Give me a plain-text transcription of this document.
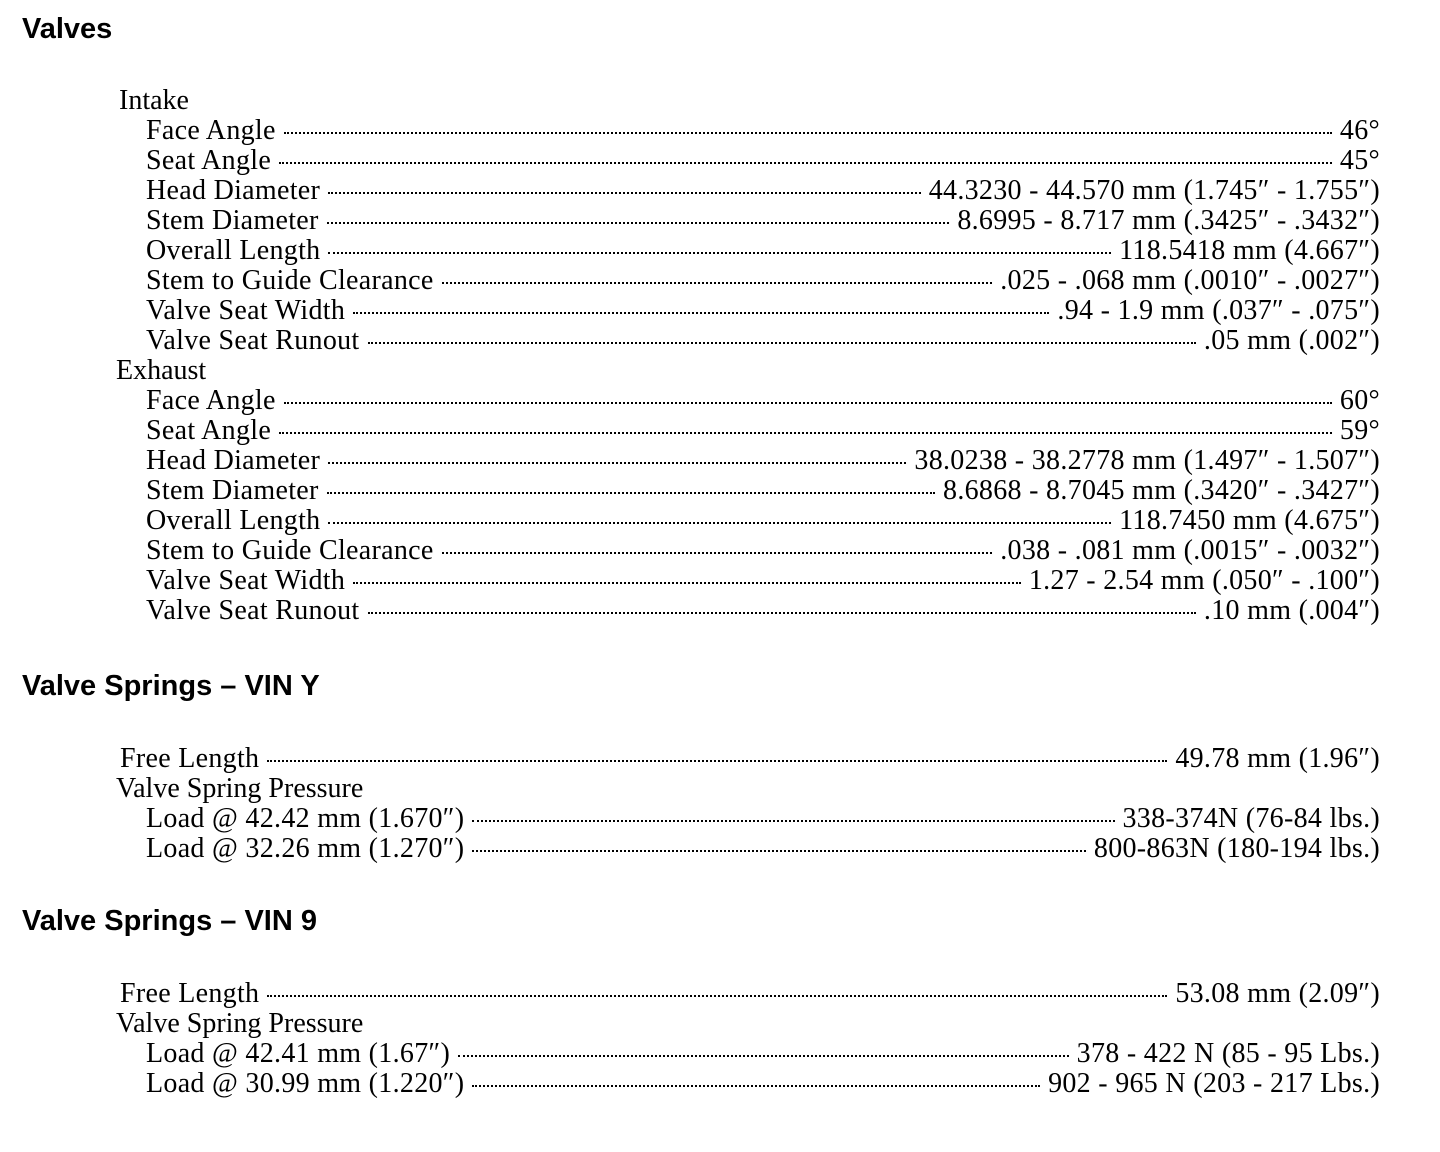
Valves
Intake
Face Angle	46°
Seat Angle	45°
Head Diameter	44.3230 - 44.570 mm (1.745″ - 1.755″)
Stem Diameter	8.6995 - 8.717 mm (.3425″ - .3432″)
Overall Length	118.5418 mm (4.667″)
Stem to Guide Clearance	.025 - .068 mm (.0010″ - .0027″)
Valve Seat Width	.94 - 1.9 mm (.037″ - .075″)
Valve Seat Runout	.05 mm (.002″)
Exhaust
Face Angle	60°
Seat Angle	59°
Head Diameter	38.0238 - 38.2778 mm (1.497″ - 1.507″)
Stem Diameter	8.6868 - 8.7045 mm (.3420″ - .3427″)
Overall Length	118.7450 mm (4.675″)
Stem to Guide Clearance	.038 - .081 mm (.0015″ - .0032″)
Valve Seat Width	1.27 - 2.54 mm (.050″ - .100″)
Valve Seat Runout	.10 mm (.004″)
Valve Springs – VIN Y
Free Length	49.78 mm (1.96″)
Valve Spring Pressure
Load @ 42.42 mm (1.670″)	338-374N (76-84 lbs.)
Load @ 32.26 mm (1.270″)	800-863N (180-194 lbs.)
Valve Springs – VIN 9
Free Length	53.08 mm (2.09″)
Valve Spring Pressure
Load @ 42.41 mm (1.67″)	378 - 422 N (85 - 95 Lbs.)
Load @ 30.99 mm (1.220″)	902 - 965 N (203 - 217 Lbs.)
